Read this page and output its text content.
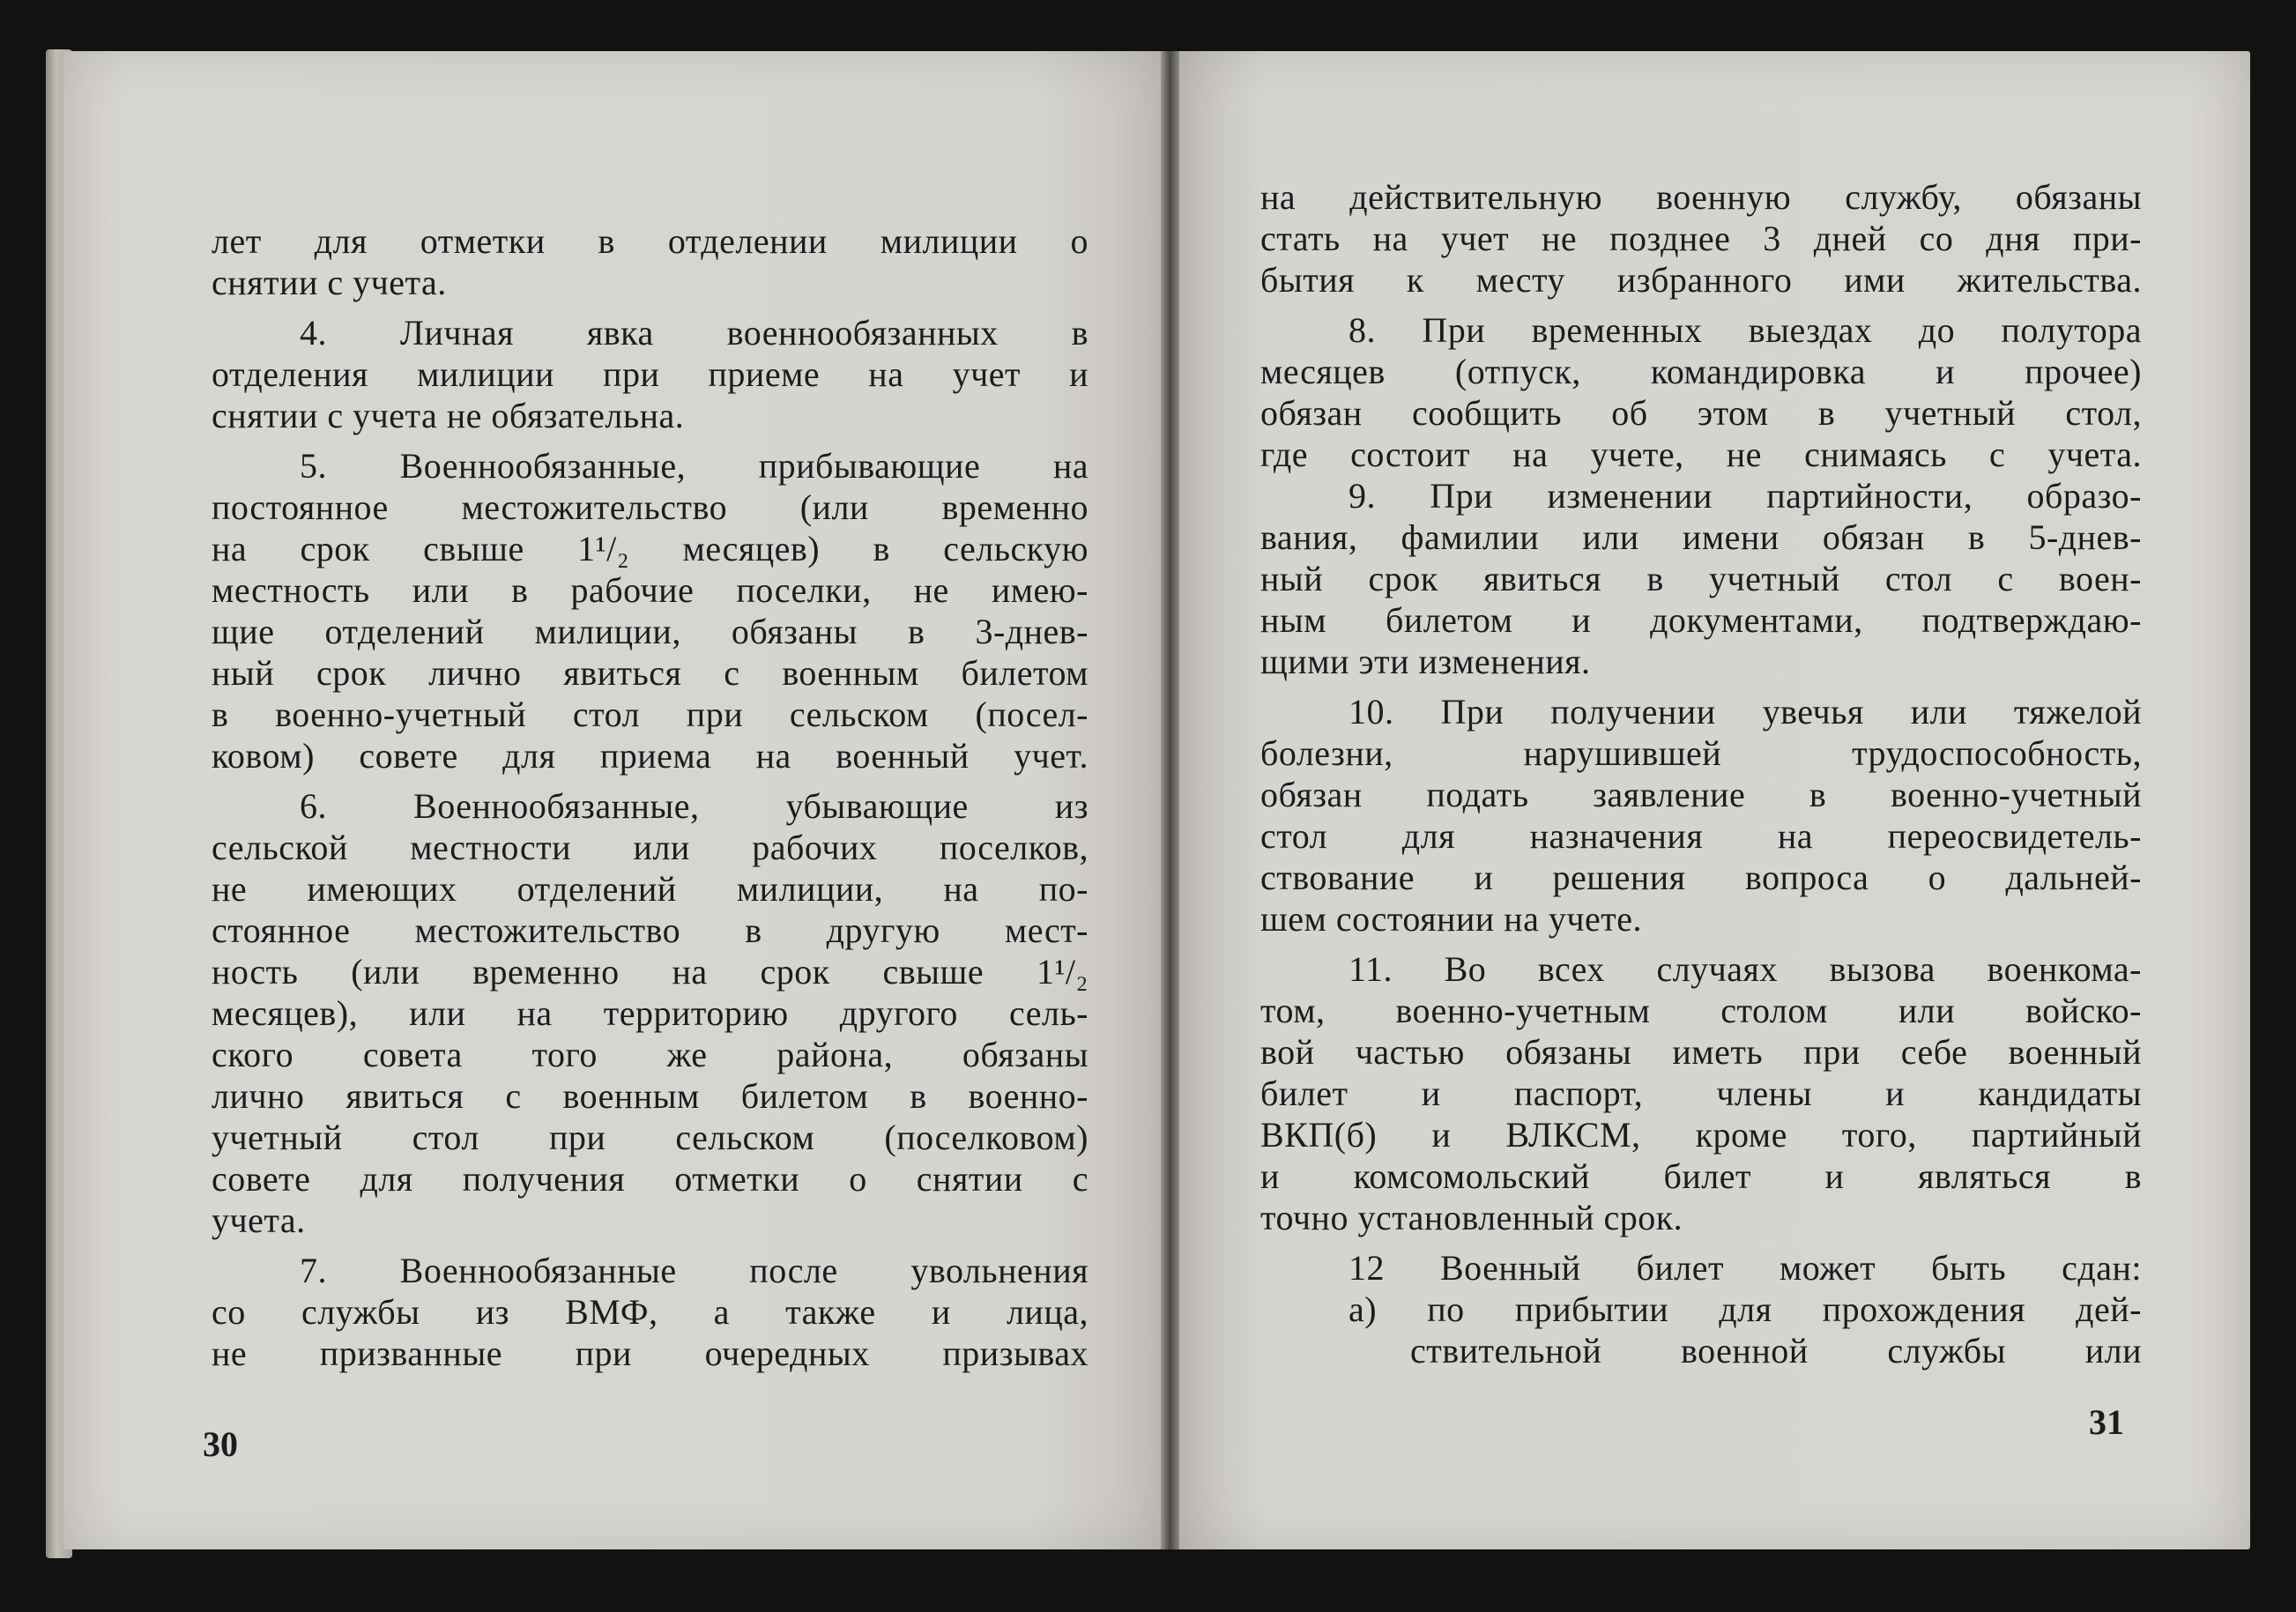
лет для отметки в отделении милиции о

снятии с учета.

4. Личная явка военнообязанных в

отделения милиции при приеме на учет и

снятии с учета не обязательна.

5. Военнообязанные, прибывающие на

постоянное местожительство (или временно

на срок свыше 1¹/₂ месяцев) в сельскую

местность или в рабочие поселки, не имею-

щие отделений милиции, обязаны в 3-днев-

ный срок лично явиться с военным билетом

в военно-учетный стол при сельском (посел-

ковом) совете для приема на военный учет.

6. Военнообязанные, убывающие из

сельской местности или рабочих поселков,

не имеющих отделений милиции, на по-

стоянное местожительство в другую мест-

ность (или временно на срок свыше 1¹/₂

месяцев), или на территорию другого сель-

ского совета того же района, обязаны

лично явиться с военным билетом в военно-

учетный стол при сельском (поселковом)

совете для получения отметки о снятии с

учета.

7. Военнообязанные после увольнения

со службы из ВМФ, а также и лица,

не призванные при очередных призывах

на действительную военную службу, обязаны

стать на учет не позднее 3 дней со дня при-

бытия к месту избранного ими жительства.

8. При временных выездах до полутора

месяцев (отпуск, командировка и прочее)

обязан сообщить об этом в учетный стол,

где состоит на учете, не снимаясь с учета.

9. При изменении партийности, образо-

вания, фамилии или имени обязан в 5-днев-

ный срок явиться в учетный стол с воен-

ным билетом и документами, подтверждаю-

щими эти изменения.

10. При получении увечья или тяжелой

болезни, нарушившей трудоспособность,

обязан подать заявление в военно-учетный

стол для назначения на переосвидетель-

ствование и решения вопроса о дальней-

шем состоянии на учете.

11. Во всех случаях вызова военкома-

том, военно-учетным столом или войско-

вой частью обязаны иметь при себе военный

билет и паспорт, члены и кандидаты

ВКП(б) и ВЛКСМ, кроме того, партийный

и комсомольский билет и являться в

точно установленный срок.

12 Военный билет может быть сдан:

а) по прибытии для прохождения дей-

ствительной военной службы или

30
31
